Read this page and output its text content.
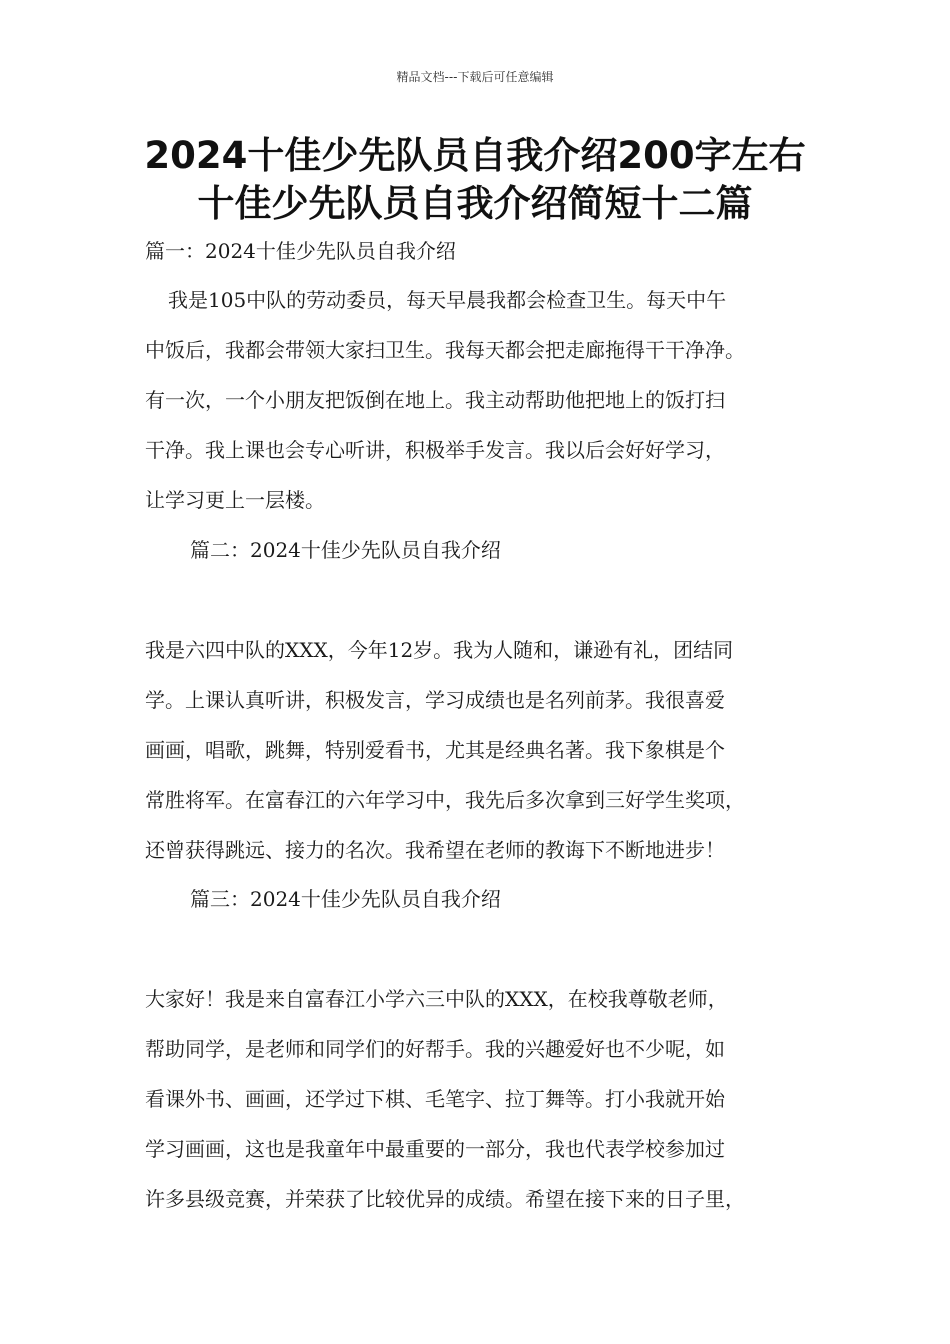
精品文档---下载后可任意编辑
2024十佳少先队员自我介绍200字左右
十佳少先队员自我介绍简短十二篇
篇一：2024十佳少先队员自我介绍
我是105中队的劳动委员，每天早晨我都会检查卫生。每天中午
中饭后，我都会带领大家扫卫生。我每天都会把走廊拖得干干净净。
有一次，一个小朋友把饭倒在地上。我主动帮助他把地上的饭打扫
干净。我上课也会专心听讲，积极举手发言。我以后会好好学习，
让学习更上一层楼。
篇二：2024十佳少先队员自我介绍
我是六四中队的XXX，今年12岁。我为人随和，谦逊有礼，团结同
学。上课认真听讲，积极发言，学习成绩也是名列前茅。我很喜爱
画画，唱歌，跳舞，特别爱看书，尤其是经典名著。我下象棋是个
常胜将军。在富春江的六年学习中，我先后多次拿到三好学生奖项，
还曾获得跳远、接力的名次。我希望在老师的教诲下不断地进步！
篇三：2024十佳少先队员自我介绍
大家好！我是来自富春江小学六三中队的XXX，在校我尊敬老师，
帮助同学，是老师和同学们的好帮手。我的兴趣爱好也不少呢，如
看课外书、画画，还学过下棋、毛笔字、拉丁舞等。打小我就开始
学习画画，这也是我童年中最重要的一部分，我也代表学校参加过
许多县级竞赛，并荣获了比较优异的成绩。希望在接下来的日子里，
